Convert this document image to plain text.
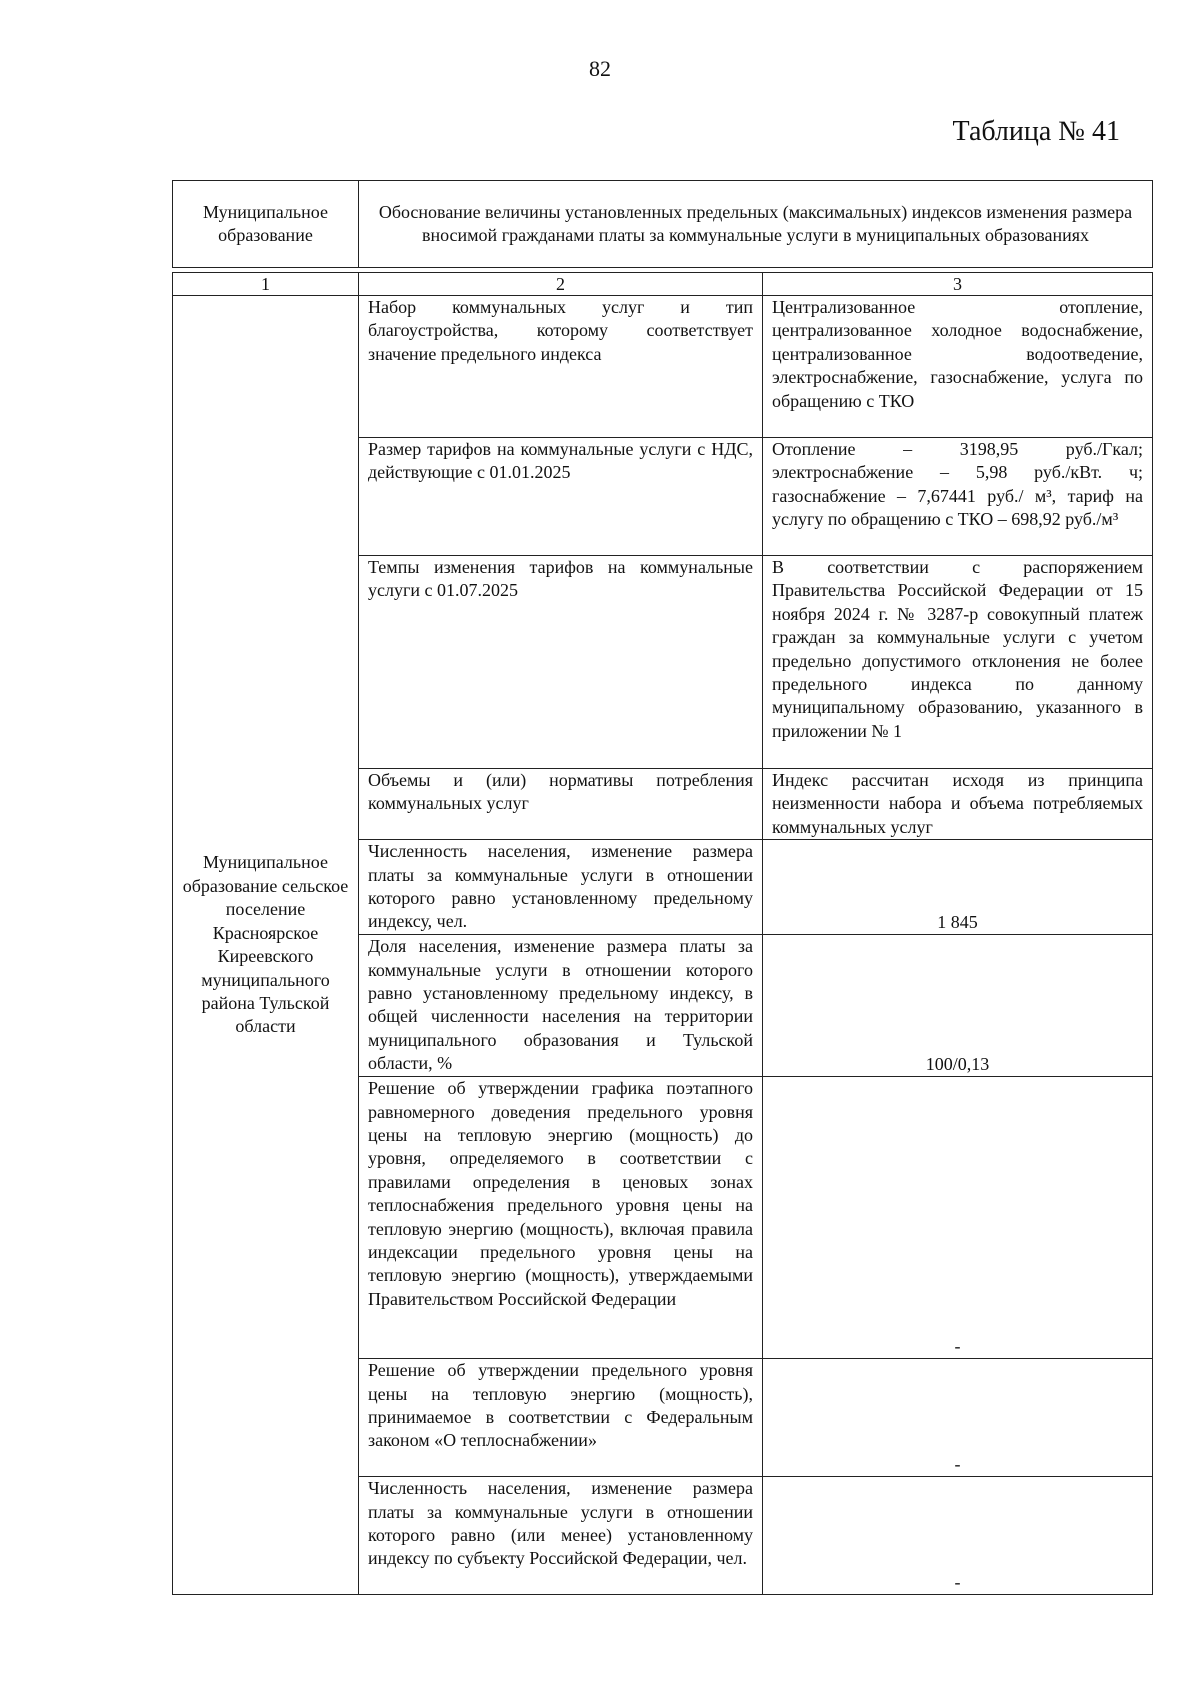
82
Таблица № 41
Муниципальное образование	Обоснование величины установленных предельных (максимальных) индексов изменения размера вносимой гражданами платы за коммунальные услуги в муниципальных образованиях
1	2	3
Муниципальное образование сельское поселение Красноярское Киреевского муниципального района Тульской области	Набор коммунальных услуг и тип благоустройства, которому соответствует значение предельного индекса	Централизованное отопление, централизованное холодное водоснабжение, централизованное водоотведение, электроснабжение, газоснабжение, услуга по обращению с ТКО
	Размер тарифов на коммунальные услуги с НДС, действующие с 01.01.2025	Отопление – 3198,95 руб./Гкал; электроснабжение – 5,98 руб./кВт. ч; газоснабжение – 7,67441 руб./ м³, тариф на услугу по обращению с ТКО – 698,92 руб./м³
	Темпы изменения тарифов на коммунальные услуги с 01.07.2025	В соответствии с распоряжением Правительства Российской Федерации от 15 ноября 2024 г. № 3287-р совокупный платеж граждан за коммунальные услуги с учетом предельно допустимого отклонения не более предельного индекса по данному муниципальному образованию, указанного в приложении № 1
	Объемы и (или) нормативы потребления коммунальных услуг	Индекс рассчитан исходя из принципа неизменности набора и объема потребляемых коммунальных услуг
	Численность населения, изменение размера платы за коммунальные услуги в отношении которого равно установленному предельному индексу, чел.	1 845
	Доля населения, изменение размера платы за коммунальные услуги в отношении которого равно установленному предельному индексу, в общей численности населения на территории муниципального образования и Тульской области, %	100/0,13
	Решение об утверждении графика поэтапного равномерного доведения предельного уровня цены на тепловую энергию (мощность) до уровня, определяемого в соответствии с правилами определения в ценовых зонах теплоснабжения предельного уровня цены на тепловую энергию (мощность), включая правила индексации предельного уровня цены на тепловую энергию (мощность), утверждаемыми Правительством Российской Федерации	-
	Решение об утверждении предельного уровня цены на тепловую энергию (мощность), принимаемое в соответствии с Федеральным законом «О теплоснабжении»	-
	Численность населения, изменение размера платы за коммунальные услуги в отношении которого равно (или менее) установленному индексу по субъекту Российской Федерации, чел.	-
